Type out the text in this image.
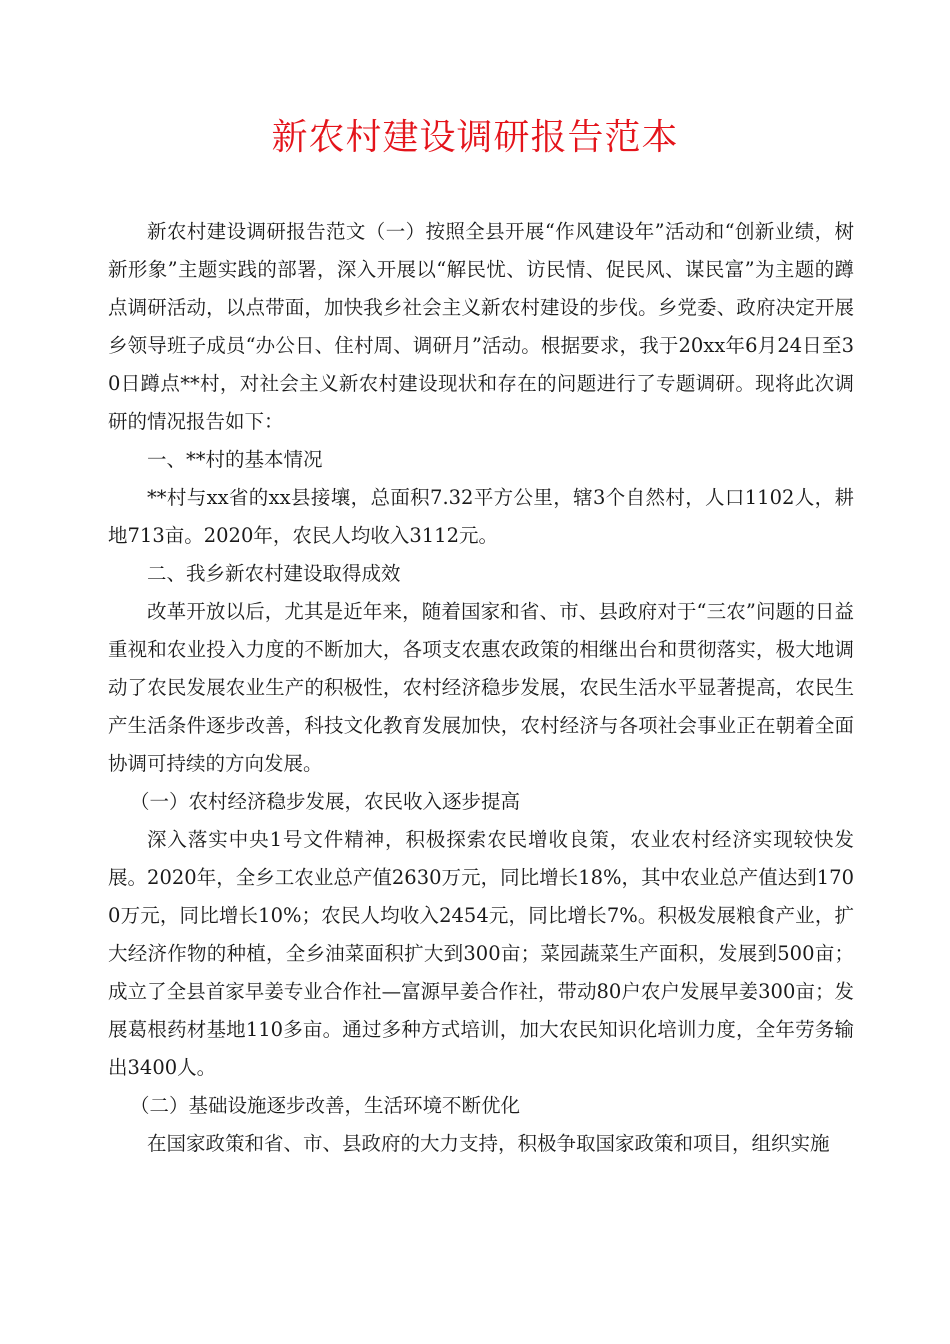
新农村建设调研报告范本

新农村建设调研报告范文（一）按照全县开展“作风建设年”活动和“创新业绩，树新形象”主题实践的部署，深入开展以“解民忧、访民情、促民风、谋民富”为主题的蹲点调研活动，以点带面，加快我乡社会主义新农村建设的步伐。乡党委、政府决定开展乡领导班子成员“办公日、住村周、调研月”活动。根据要求，我于20xx年6月24日至30日蹲点**村，对社会主义新农村建设现状和存在的问题进行了专题调研。现将此次调研的情况报告如下：

一、**村的基本情况

**村与xx省的xx县接壤，总面积7.32平方公里，辖3个自然村，人口1102人，耕地713亩。2020年，农民人均收入3112元。

二、我乡新农村建设取得成效

改革开放以后，尤其是近年来，随着国家和省、市、县政府对于“三农”问题的日益重视和农业投入力度的不断加大，各项支农惠农政策的相继出台和贯彻落实，极大地调动了农民发展农业生产的积极性，农村经济稳步发展，农民生活水平显著提高，农民生产生活条件逐步改善，科技文化教育发展加快，农村经济与各项社会事业正在朝着全面协调可持续的方向发展。

（一）农村经济稳步发展，农民收入逐步提高

深入落实中央1号文件精神，积极探索农民增收良策，农业农村经济实现较快发展。2020年，全乡工农业总产值2630万元，同比增长18%，其中农业总产值达到1700万元，同比增长10%；农民人均收入2454元，同比增长7%。积极发展粮食产业，扩大经济作物的种植，全乡油菜面积扩大到300亩；菜园蔬菜生产面积，发展到500亩；成立了全县首家早姜专业合作社—富源早姜合作社，带动80户农户发展早姜300亩；发展葛根药材基地110多亩。通过多种方式培训，加大农民知识化培训力度，全年劳务输出3400人。

（二）基础设施逐步改善，生活环境不断优化

在国家政策和省、市、县政府的大力支持，积极争取国家政策和项目，组织实施
